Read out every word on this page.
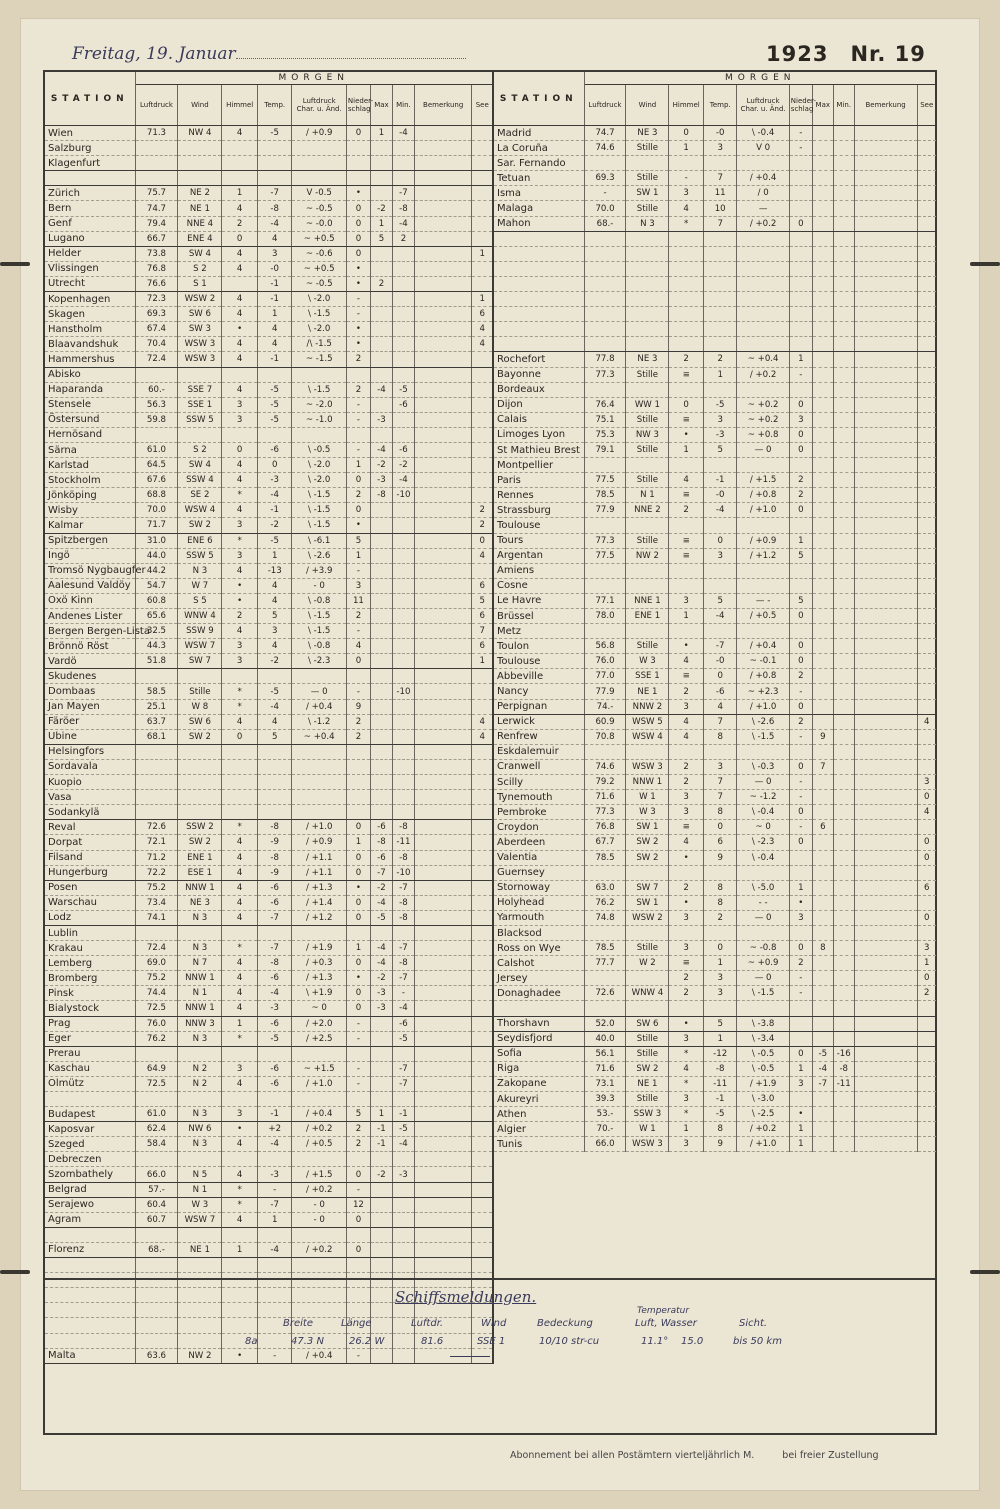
Freitag, 19. Januar	1923 Nr. 19
STATION	MORGEN									
	Luftdruck	Wind	Himmel	Temp.	Luftdruck Char. u. Änd.	Nieder-schlag	Max	Min.	Bemerkung	See
Wien	71.3	NW 4	4	-5	/ +0.9	0	1	-4		
Salzburg										
Klagenfurt										

Zürich	75.7	NE 2	1	-7	V -0.5	•		-7		
Bern	74.7	NE 1	4	-8	~ -0.5	0	-2	-8		
Genf	79.4	NNE 4	2	-4	~ -0.0	0	1	-4		
Lugano	66.7	ENE 4	0	4	~ +0.5	0	5	2		
Helder	73.8	SW 4	4	3	~ -0.6	0				1
Vlissingen	76.8	S 2	4	-0	~ +0.5	•				
Utrecht	76.6	S 1		-1	~ -0.5	•	2			
Kopenhagen	72.3	WSW 2	4	-1	\ -2.0	-				1
Skagen	69.3	SW 6	4	1	\ -1.5	-				6
Hanstholm	67.4	SW 3	•	4	\ -2.0	•				4
Blaavandshuk	70.4	WSW 3	4	4	/\ -1.5	•				4
Hammershus	72.4	WSW 3	4	-1	~ -1.5	2				
Abisko										
Haparanda	60.-	SSE 7	4	-5	\ -1.5	2	-4	-5		
Stensele	56.3	SSE 1	3	-5	~ -2.0	-		-6		
Östersund	59.8	SSW 5	3	-5	~ -1.0	-	-3			
Hernösand										
Särna	61.0	S 2	0	-6	\ -0.5	-	-4	-6		
Karlstad	64.5	SW 4	4	0	\ -2.0	1	-2	-2		
Stockholm	67.6	SSW 4	4	-3	\ -2.0	0	-3	-4		
Jönköping	68.8	SE 2	*	-4	\ -1.5	2	-8	-10		
Wisby	70.0	WSW 4	4	-1	\ -1.5	0				2
Kalmar	71.7	SW 2	3	-2	\ -1.5	•				2
Spitzbergen	31.0	ENE 6	*	-5	\ -6.1	5				0
Ingö	44.0	SSW 5	3	1	\ -2.6	1				4
Tromsö Nygbaugfer	44.2	N 3	4	-13	/ +3.9	-				
Aalesund Valdöy	54.7	W 7	•	4	- 0	3				6
Oxö Kinn	60.8	S 5	•	4	\ -0.8	11				5
Andenes Lister	65.6	WNW 4	2	5	\ -1.5	2				6
Bergen Bergen-Lista	32.5	SSW 9	4	3	\ -1.5	-				7
Brönnö Röst	44.3	WSW 7	3	4	\ -0.8	4				6
Vardö	51.8	SW 7	3	-2	\ -2.3	0				1
Skudenes										
Dombaas	58.5	Stille	*	-5	— 0	-		-10		
Jan Mayen	25.1	W 8	*	-4	/ +0.4	9				
Färöer	63.7	SW 6	4	4	\ -1.2	2				4
Ubine	68.1	SW 2	0	5	~ +0.4	2				4
Helsingfors										
Sordavala										
Kuopio										
Vasa										
Sodankylä										
Reval	72.6	SSW 2	*	-8	/ +1.0	0	-6	-8		
Dorpat	72.1	SW 2	4	-9	/ +0.9	1	-8	-11		
Filsand	71.2	ENE 1	4	-8	/ +1.1	0	-6	-8		
Hungerburg	72.2	ESE 1	4	-9	/ +1.1	0	-7	-10		
Posen	75.2	NNW 1	4	-6	/ +1.3	•	-2	-7		
Warschau	73.4	NE 3	4	-6	/ +1.4	0	-4	-8		
Lodz	74.1	N 3	4	-7	/ +1.2	0	-5	-8		
Lublin										
Krakau	72.4	N 3	*	-7	/ +1.9	1	-4	-7		
Lemberg	69.0	N 7	4	-8	/ +0.3	0	-4	-8		
Bromberg	75.2	NNW 1	4	-6	/ +1.3	•	-2	-7		
Pinsk	74.4	N 1	4	-4	\ +1.9	0	-3	-		
Bialystock	72.5	NNW 1	4	-3	~ 0	0	-3	-4		
Prag	76.0	NNW 3	1	-6	/ +2.0	-		-6		
Eger	76.2	N 3	*	-5	/ +2.5	-		-5		
Prerau										
Kaschau	64.9	N 2	3	-6	~ +1.5	-		-7		
Olmütz	72.5	N 2	4	-6	/ +1.0	-		-7		

Budapest	61.0	N 3	3	-1	/ +0.4	5	1	-1		
Kaposvar	62.4	NW 6	•	+2	/ +0.2	2	-1	-5		
Szeged	58.4	N 3	4	-4	/ +0.5	2	-1	-4		
Debreczen										
Szombathely	66.0	N 5	4	-3	/ +1.5	0	-2	-3		
Belgrad	57.-	N 1	*	-	/ +0.2	-				
Serajewo	60.4	W 3	*	-7	- 0	12				
Agram	60.7	WSW 7	4	1	- 0	0				

Florenz	68.-	NE 1	1	-4	/ +0.2	0				

Malta	63.6	NW 2	•	-	/ +0.4	-				
STATION	MORGEN									
	Luftdruck	Wind	Himmel	Temp.	Luftdruck Char. u. Änd.	Nieder-schlag	Max	Min.	Bemerkung	See
Madrid	74.7	NE 3	0	-0	\ -0.4	-				
La Coruña	74.6	Stille	1	3	V 0	-				
Sar. Fernando										
Tetuan	69.3	Stille	-	7	/ +0.4					
Isma	-	SW 1	3	11	/ 0					
Malaga	70.0	Stille	4	10	—					
Mahon	68.-	N 3	*	7	/ +0.2	0				

Rochefort	77.8	NE 3	2	2	~ +0.4	1				
Bayonne	77.3	Stille	≡	1	/ +0.2	-				
Bordeaux										
Dijon	76.4	WW 1	0	-5	~ +0.2	0				
Calais	75.1	Stille	≡	3	~ +0.2	3				
Limoges Lyon	75.3	NW 3	•	-3	~ +0.8	0				
St Mathieu Brest	79.1	Stille	1	5	— 0	0				
Montpellier										
Paris	77.5	Stille	4	-1	/ +1.5	2				
Rennes	78.5	N 1	≡	-0	/ +0.8	2				
Strassburg	77.9	NNE 2	2	-4	/ +1.0	0				
Toulouse										
Tours	77.3	Stille	≡	0	/ +0.9	1				
Argentan	77.5	NW 2	≡	3	/ +1.2	5				
Amiens										
Cosne										
Le Havre	77.1	NNE 1	3	5	— -	5				
Brüssel	78.0	ENE 1	1	-4	/ +0.5	0				
Metz										
Toulon	56.8	Stille	•	-7	/ +0.4	0				
Toulouse	76.0	W 3	4	-0	~ -0.1	0				
Abbeville	77.0	SSE 1	≡	0	/ +0.8	2				
Nancy	77.9	NE 1	2	-6	~ +2.3	-				
Perpignan	74.-	NNW 2	3	4	/ +1.0	0				
Lerwick	60.9	WSW 5	4	7	\ -2.6	2				4
Renfrew	70.8	WSW 4	4	8	\ -1.5	-	9			
Eskdalemuir										
Cranwell	74.6	WSW 3	2	3	\ -0.3	0	7			
Scilly	79.2	NNW 1	2	7	— 0	-				3
Tynemouth	71.6	W 1	3	7	~ -1.2	-				0
Pembroke	77.3	W 3	3	8	\ -0.4	0				4
Croydon	76.8	SW 1	≡	0	~ 0	-	6			
Aberdeen	67.7	SW 2	4	6	\ -2.3	0				0
Valentia	78.5	SW 2	•	9	\ -0.4					0
Guernsey										
Stornoway	63.0	SW 7	2	8	\ -5.0	1				6
Holyhead	76.2	SW 1	•	8	- -	•				
Yarmouth	74.8	WSW 2	3	2	— 0	3				0
Blacksod										
Ross on Wye	78.5	Stille	3	0	~ -0.8	0	8			3
Calshot	77.7	W 2	≡	1	~ +0.9	2				1
Jersey			2	3	— 0	-				0
Donaghadee	72.6	WNW 4	2	3	\ -1.5	-				2

Thorshavn	52.0	SW 6	•	5	\ -3.8					
Seydisfjord	40.0	Stille	3	1	\ -3.4					
Sofia	56.1	Stille	*	-12	\ -0.5	0	-5	-16		
Riga	71.6	SW 2	4	-8	\ -0.5	1	-4	-8		
Zakopane	73.1	NE 1	*	-11	/ +1.9	3	-7	-11		
Akureyri	39.3	Stille	3	-1	\ -3.0					
Athen	53.-	SSW 3	*	-5	\ -2.5	•				
Algier	70.-	W 1	1	8	/ +0.2	1				
Tunis	66.0	WSW 3	3	9	/ +1.0	1				
Schiffsmeldungen.
Temperatur
Breite	Länge	Luftdr.	Wind	Bedeckung	Luft, Wasser	Sicht.
8a	47.3 N	26.2 W	81.6	SSE 1	10/10 str-cu	11.1° 15.0	bis 50 km
Abonnement bei allen Postämtern vierteljährlich M.	bei freier Zustellung
